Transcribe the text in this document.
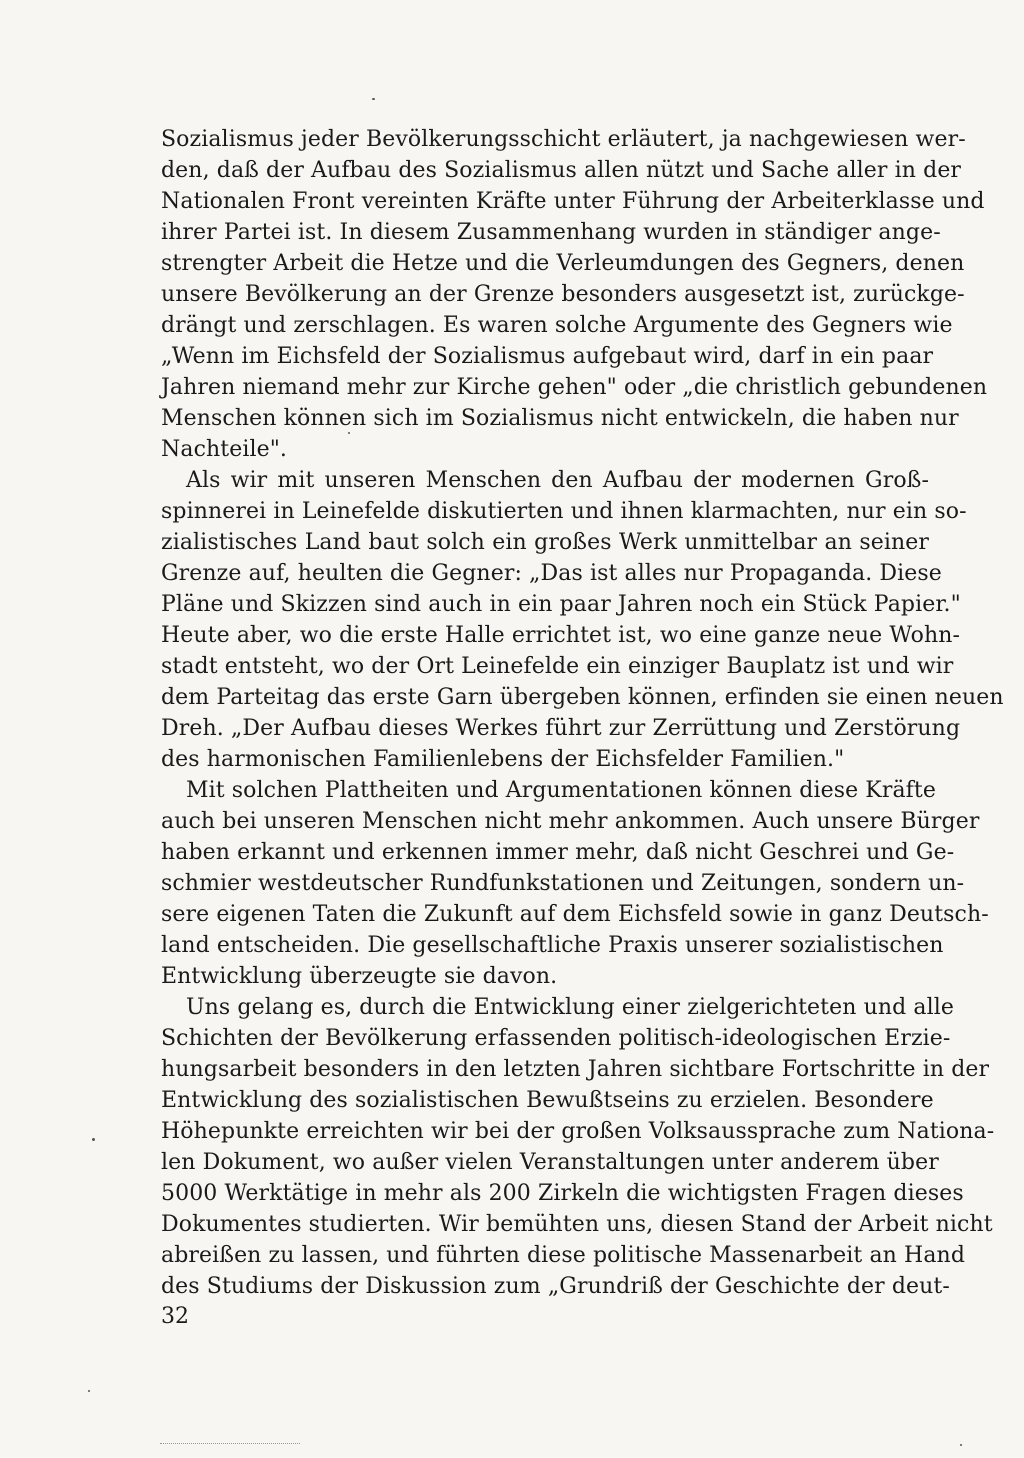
Sozialismus jeder Bevölkerungsschicht erläutert, ja nachgewiesen wer-
den, daß der Aufbau des Sozialismus allen nützt und Sache aller in der
Nationalen Front vereinten Kräfte unter Führung der Arbeiterklasse und
ihrer Partei ist. In diesem Zusammenhang wurden in ständiger ange-
strengter Arbeit die Hetze und die Verleumdungen des Gegners, denen
unsere Bevölkerung an der Grenze besonders ausgesetzt ist, zurückge-
drängt und zerschlagen. Es waren solche Argumente des Gegners wie
„Wenn im Eichsfeld der Sozialismus aufgebaut wird, darf in ein paar
Jahren niemand mehr zur Kirche gehen" oder „die christlich gebundenen
Menschen können sich im Sozialismus nicht entwickeln, die haben nur
Nachteile".
Als wir mit unseren Menschen den Aufbau der modernen Groß-
spinnerei in Leinefelde diskutierten und ihnen klarmachten, nur ein so-
zialistisches Land baut solch ein großes Werk unmittelbar an seiner
Grenze auf, heulten die Gegner: „Das ist alles nur Propaganda. Diese
Pläne und Skizzen sind auch in ein paar Jahren noch ein Stück Papier."
Heute aber, wo die erste Halle errichtet ist, wo eine ganze neue Wohn-
stadt entsteht, wo der Ort Leinefelde ein einziger Bauplatz ist und wir
dem Parteitag das erste Garn übergeben können, erfinden sie einen neuen
Dreh. „Der Aufbau dieses Werkes führt zur Zerrüttung und Zerstörung
des harmonischen Familienlebens der Eichsfelder Familien."
Mit solchen Plattheiten und Argumentationen können diese Kräfte
auch bei unseren Menschen nicht mehr ankommen. Auch unsere Bürger
haben erkannt und erkennen immer mehr, daß nicht Geschrei und Ge-
schmier westdeutscher Rundfunkstationen und Zeitungen, sondern un-
sere eigenen Taten die Zukunft auf dem Eichsfeld sowie in ganz Deutsch-
land entscheiden. Die gesellschaftliche Praxis unserer sozialistischen
Entwicklung überzeugte sie davon.
Uns gelang es, durch die Entwicklung einer zielgerichteten und alle
Schichten der Bevölkerung erfassenden politisch-ideologischen Erzie-
hungsarbeit besonders in den letzten Jahren sichtbare Fortschritte in der
Entwicklung des sozialistischen Bewußtseins zu erzielen. Besondere
Höhepunkte erreichten wir bei der großen Volksaussprache zum Nationa-
len Dokument, wo außer vielen Veranstaltungen unter anderem über
5000 Werktätige in mehr als 200 Zirkeln die wichtigsten Fragen dieses
Dokumentes studierten. Wir bemühten uns, diesen Stand der Arbeit nicht
abreißen zu lassen, und führten diese politische Massenarbeit an Hand
des Studiums der Diskussion zum „Grundriß der Geschichte der deut-
32
